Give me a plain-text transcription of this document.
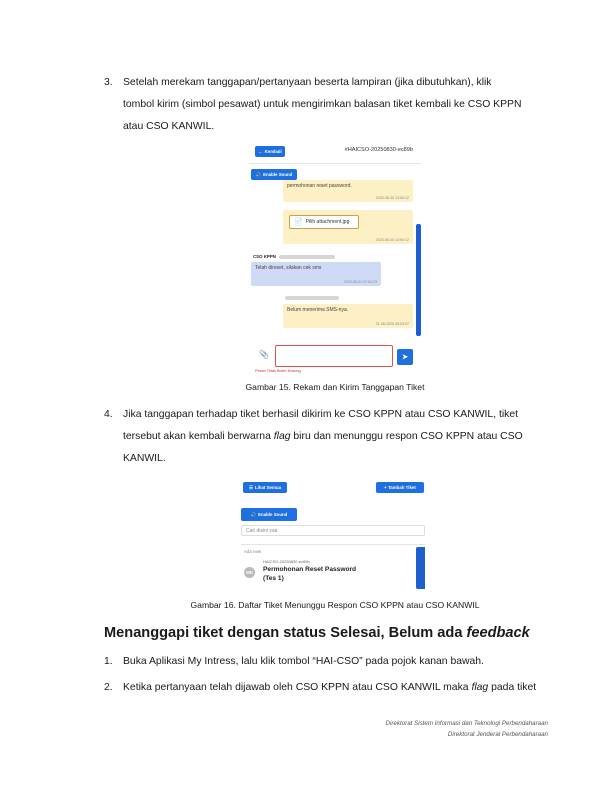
3. Setelah merekam tanggapan/pertanyaan beserta lampiran (jika dibutuhkan), klik
tombol kirim (simbol pesawat) untuk mengirimkan balasan tiket kembali ke CSO KPPN
atau CSO KANWIL.
← Kembali	#HAICSO-20250830-ec89b
🔊 Enable Sound
permohonan reset password.
2025-08-30 13:54:12
📄 Pilih attachment.jpg
2025-08-30 13:54:12
CSO KPPN
Telah direset, silakan cek sms
2025-08-31 07:54:23
Belum menerima SMS-nya.
31-08-2025 08:03:07
📎	➤
Pesan Tidak Boleh Kosong
Gambar 15. Rekam dan Kirim Tanggapan Tiket
4. Jika tanggapan terhadap tiket berhasil dikirim ke CSO KPPN atau CSO KANWIL, tiket
tersebut akan kembali berwarna flag biru dan menunggu respon CSO KPPN atau CSO
KANWIL.
☰ Lihat Semua	+ Tambah Tiket
🔊 Enable Sound
Cari disini yaa
Ada new
MD
HAICSO-20250830-ec89b
Permohonan Reset Password
(Tes 1)
Gambar 16. Daftar Tiket Menunggu Respon CSO KPPN atau CSO KANWIL
Menanggapi tiket dengan status Selesai, Belum ada feedback
1. Buka Aplikasi My Intress, lalu klik tombol “HAI-CSO” pada pojok kanan bawah.
2. Ketika pertanyaan telah dijawab oleh CSO KPPN atau CSO KANWIL maka flag pada tiket
Direktorat Sistem Informasi dan Teknologi Perbendaharaan
Direktorat Jenderal Perbendaharaan
